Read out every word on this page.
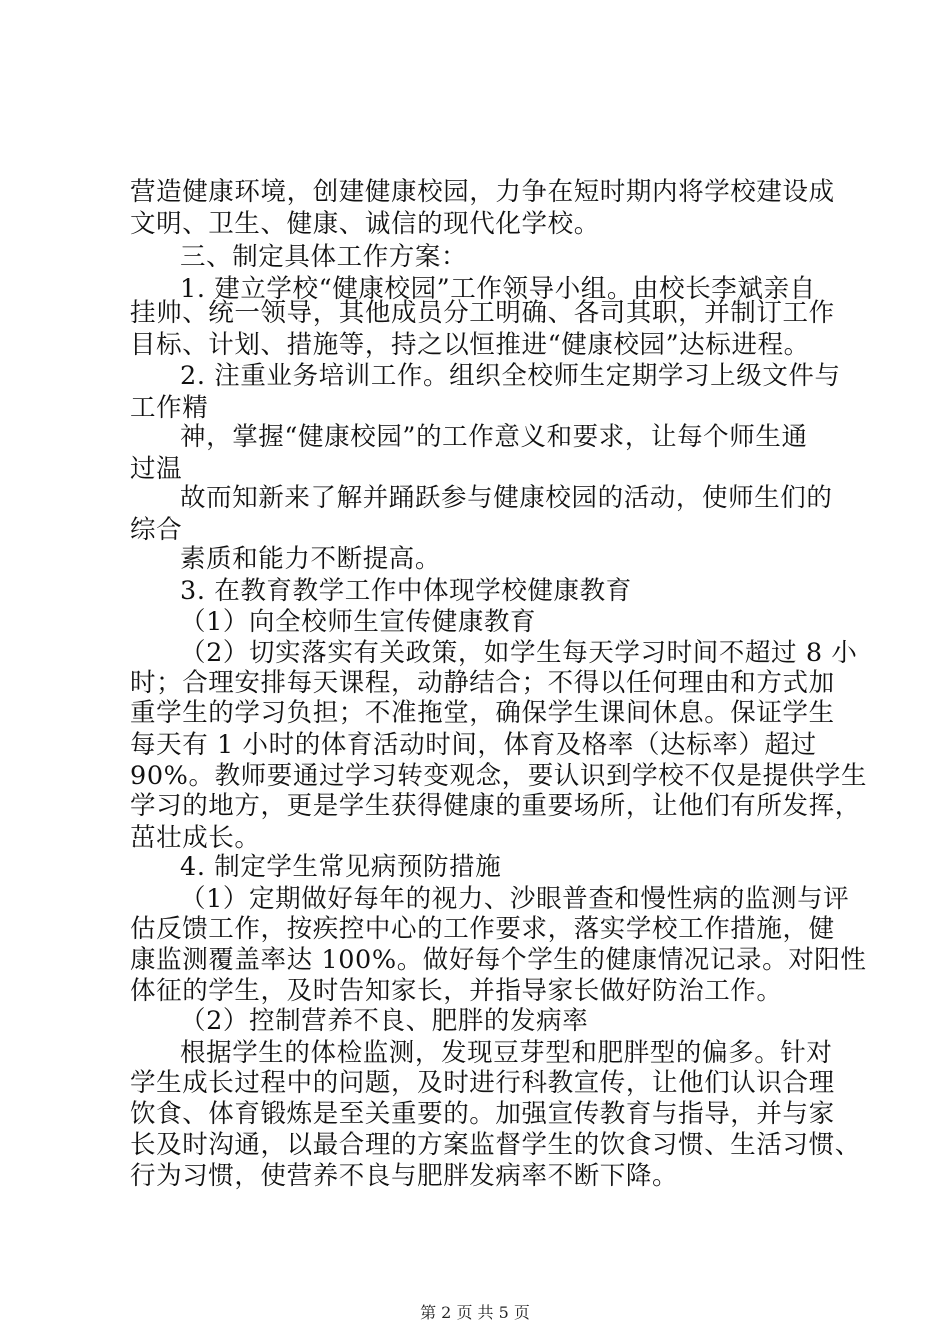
营造健康环境，创建健康校园，力争在短时期内将学校建设成
文明、卫生、健康、诚信的现代化学校。
三、制定具体工作方案：
1. 建立学校“健康校园”工作领导小组。由校长李斌亲自
挂帅、统一领导，其他成员分工明确、各司其职，并制订工作
目标、计划、措施等，持之以恒推进“健康校园”达标进程。
2. 注重业务培训工作。组织全校师生定期学习上级文件与
工作精
神，掌握“健康校园”的工作意义和要求，让每个师生通
过温
故而知新来了解并踊跃参与健康校园的活动，使师生们的
综合
素质和能力不断提高。
3. 在教育教学工作中体现学校健康教育
（1）向全校师生宣传健康教育
（2）切实落实有关政策，如学生每天学习时间不超过 8 小
时；合理安排每天课程，动静结合；不得以任何理由和方式加
重学生的学习负担；不准拖堂，确保学生课间休息。保证学生
每天有 1 小时的体育活动时间，体育及格率（达标率）超过
90%。教师要通过学习转变观念，要认识到学校不仅是提供学生
学习的地方，更是学生获得健康的重要场所，让他们有所发挥，
茁壮成长。
4. 制定学生常见病预防措施
（1）定期做好每年的视力、沙眼普查和慢性病的监测与评
估反馈工作，按疾控中心的工作要求，落实学校工作措施，健
康监测覆盖率达 100%。做好每个学生的健康情况记录。对阳性
体征的学生，及时告知家长，并指导家长做好防治工作。
（2）控制营养不良、肥胖的发病率
根据学生的体检监测，发现豆芽型和肥胖型的偏多。针对
学生成长过程中的问题，及时进行科教宣传，让他们认识合理
饮食、体育锻炼是至关重要的。加强宣传教育与指导，并与家
长及时沟通，以最合理的方案监督学生的饮食习惯、生活习惯、
行为习惯，使营养不良与肥胖发病率不断下降。
第 2 页 共 5 页
